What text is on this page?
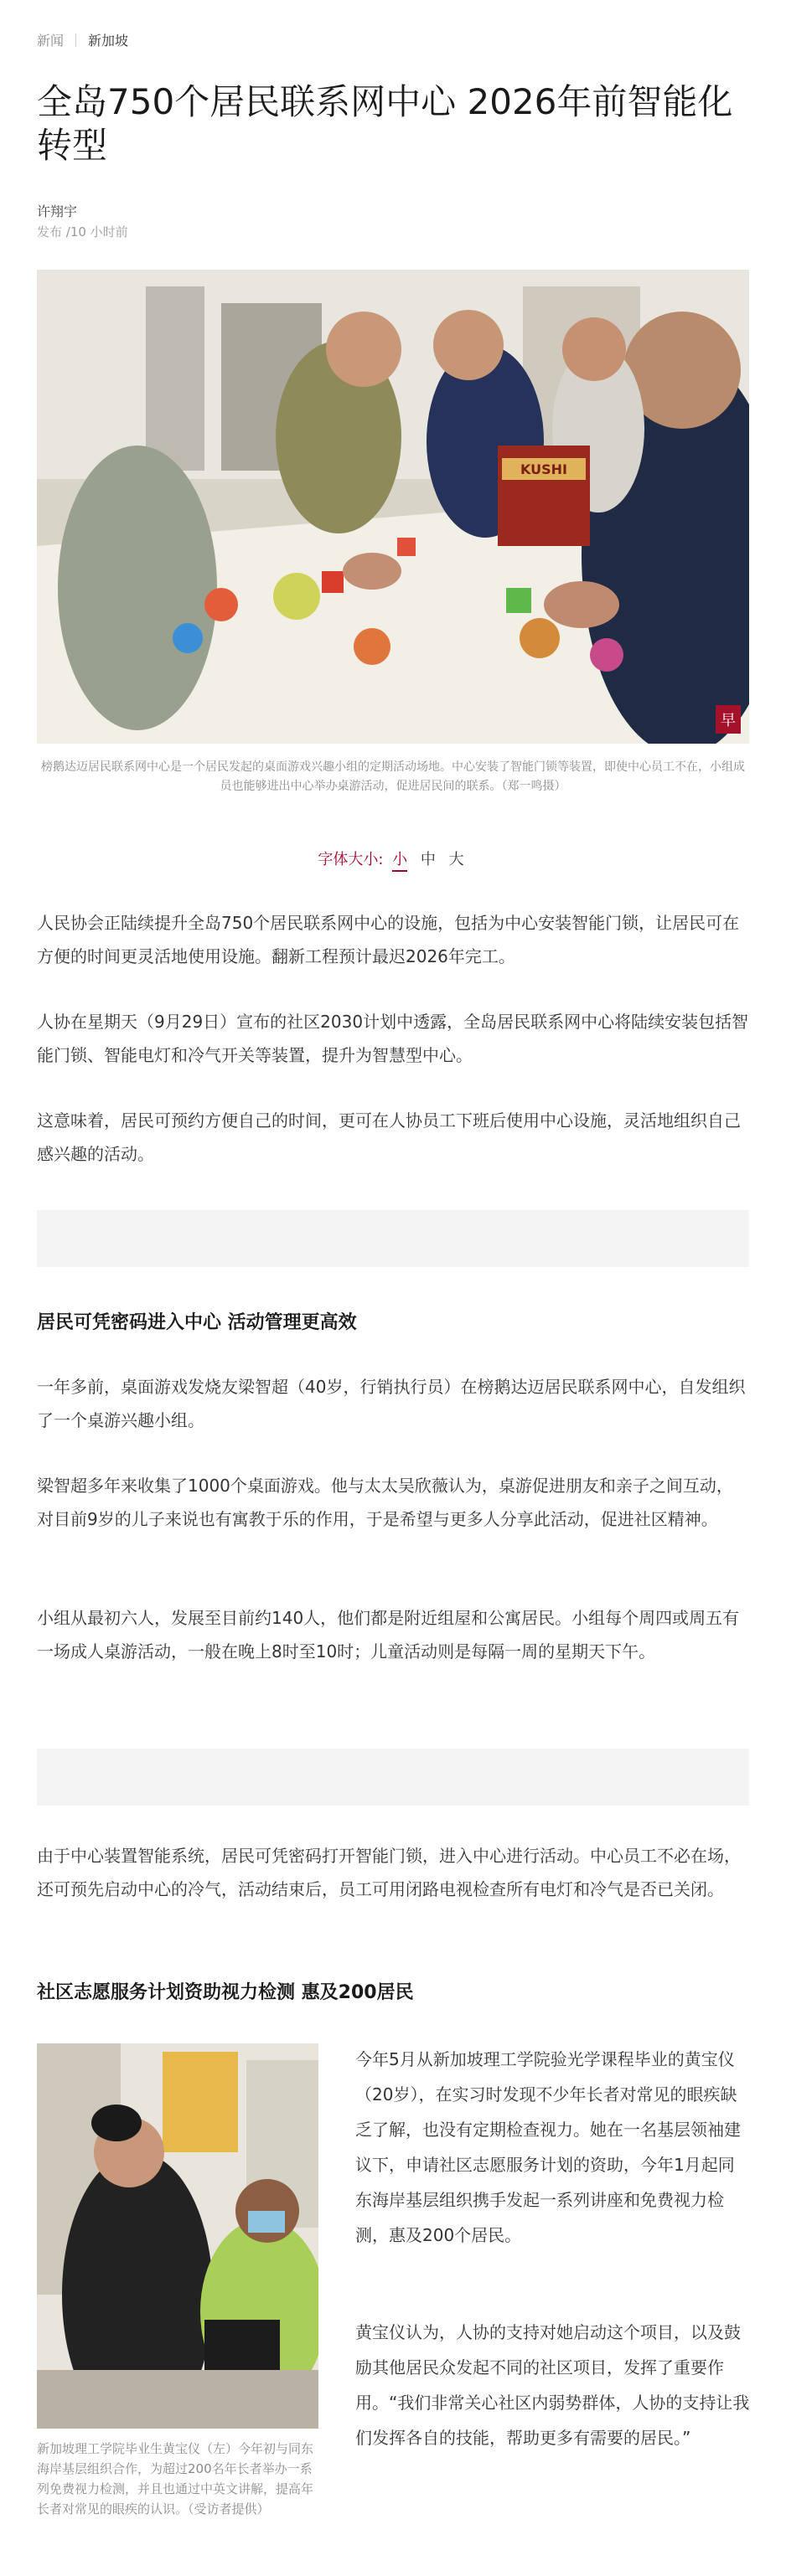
新闻 新加坡
全岛750个居民联系网中心 2026年前智能化转型
许翔宇
发布 /10 小时前
KUSHI
早
榜鹅达迈居民联系网中心是一个居民发起的桌面游戏兴趣小组的定期活动场地。中心安装了智能门锁等装置，即使中心员工不在，小组成员也能够进出中心举办桌游活动，促进居民间的联系。（郑一鸣摄）
字体大小: 小 中 大

人民协会正陆续提升全岛750个居民联系网中心的设施，包括为中心安装智能门锁，让居民可在方便的时间更灵活地使用设施。翻新工程预计最迟2026年完工。

人协在星期天（9月29日）宣布的社区2030计划中透露，全岛居民联系网中心将陆续安装包括智能门锁、智能电灯和冷气开关等装置，提升为智慧型中心。

这意味着，居民可预约方便自己的时间，更可在人协员工下班后使用中心设施，灵活地组织自己感兴趣的活动。

居民可凭密码进入中心 活动管理更高效

一年多前，桌面游戏发烧友梁智超（40岁，行销执行员）在榜鹅达迈居民联系网中心，自发组织了一个桌游兴趣小组。

梁智超多年来收集了1000个桌面游戏。他与太太吴欣薇认为，桌游促进朋友和亲子之间互动，对目前9岁的儿子来说也有寓教于乐的作用，于是希望与更多人分享此活动，促进社区精神。

小组从最初六人，发展至目前约140人，他们都是附近组屋和公寓居民。小组每个周四或周五有一场成人桌游活动，一般在晚上8时至10时；儿童活动则是每隔一周的星期天下午。

由于中心装置智能系统，居民可凭密码打开智能门锁，进入中心进行活动。中心员工不必在场，还可预先启动中心的冷气，活动结束后，员工可用闭路电视检查所有电灯和冷气是否已关闭。

社区志愿服务计划资助视力检测 惠及200居民
新加坡理工学院毕业生黄宝仪（左）今年初与同东海岸基层组织合作，为超过200名年长者举办一系列免费视力检测，并且也通过中英文讲解，提高年长者对常见的眼疾的认识。（受访者提供）

今年5月从新加坡理工学院验光学课程毕业的黄宝仪（20岁），在实习时发现不少年长者对常见的眼疾缺乏了解，也没有定期检查视力。她在一名基层领袖建议下，申请社区志愿服务计划的资助，今年1月起同东海岸基层组织携手发起一系列讲座和免费视力检测，惠及200个居民。

黄宝仪认为，人协的支持对她启动这个项目，以及鼓励其他居民众发起不同的社区项目，发挥了重要作用。“我们非常关心社区内弱势群体，人协的支持让我们发挥各自的技能，帮助更多有需要的居民。”
